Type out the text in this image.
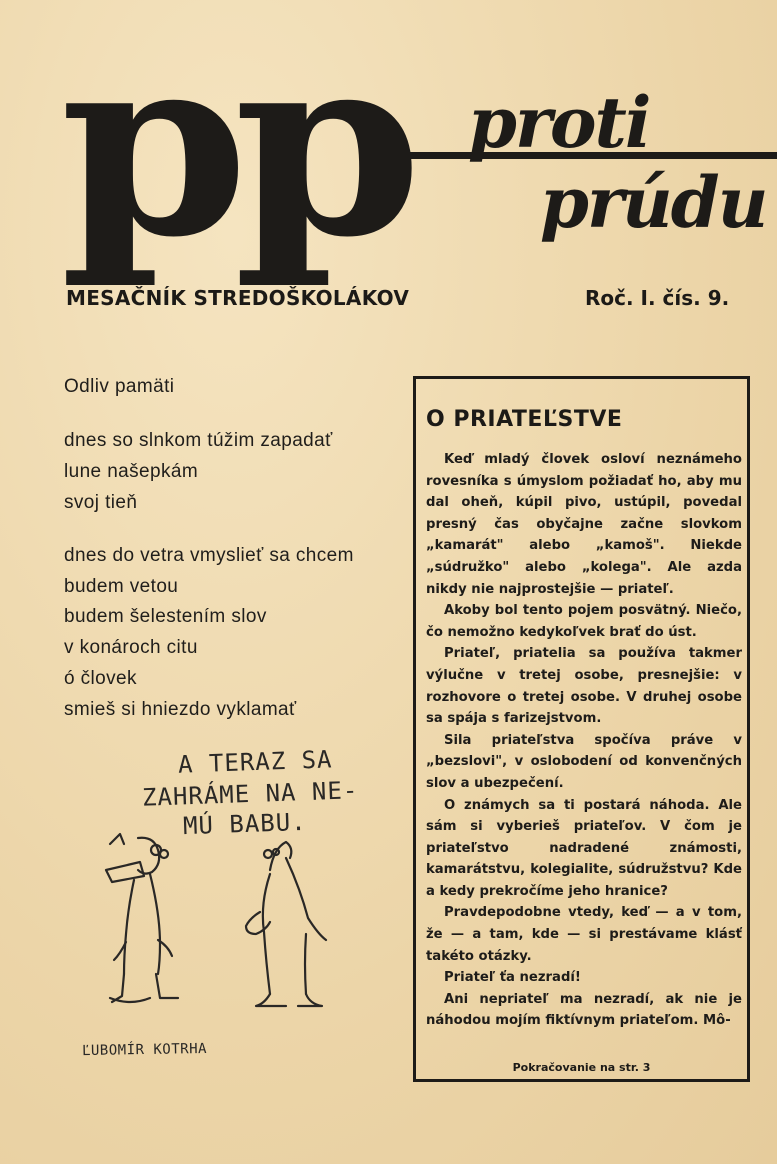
pp proti
prúdu
MESAČNÍK STREDOŠKOLÁKOV	Roč. I. čís. 9.
Odliv pamäti
dnes so slnkom túžim zapadať
lune našepkám
svoj tieň
dnes do vetra vmyslieť sa chcem
budem vetou
budem šelestením slov
v konároch citu
ó človek
smieš si hniezdo vyklamať
A TERAZ SA
ZAHRÁME NA NE-
MÚ BABU.
ĽUBOMÍR KOTRHA
O PRIATEĽSTVE

Keď mladý človek osloví neznámeho rovesníka s úmyslom požiadať ho, aby mu dal oheň, kúpil pivo, ustúpil, povedal presný čas obyčajne začne slovkom „kamarát" alebo „kamoš". Niekde „súdružko" alebo „kolega". Ale azda nikdy nie najprostejšie — priateľ.

Akoby bol tento pojem posvätný. Niečo, čo nemožno kedykoľvek brať do úst.

Priateľ, priatelia sa používa takmer výlučne v tretej osobe, presnejšie: v rozhovore o tretej osobe. V druhej osobe sa spája s farizejstvom.

Sila priateľstva spočíva práve v „bezslovi", v oslobodení od konvenčných slov a ubezpečení.

O známych sa ti postará náhoda. Ale sám si vyberieš priateľov. V čom je priateľstvo nadradené známosti, kamarátstvu, kolegialite, súdružstvu? Kde a kedy prekročíme jeho hranice?

Pravdepodobne vtedy, keď — a v tom, že — a tam, kde — si prestávame klásť takéto otázky.

Priateľ ťa nezradí!

Ani nepriateľ ma nezradí, ak nie je náhodou mojím fiktívnym priateľom. Mô-

Pokračovanie na str. 3
